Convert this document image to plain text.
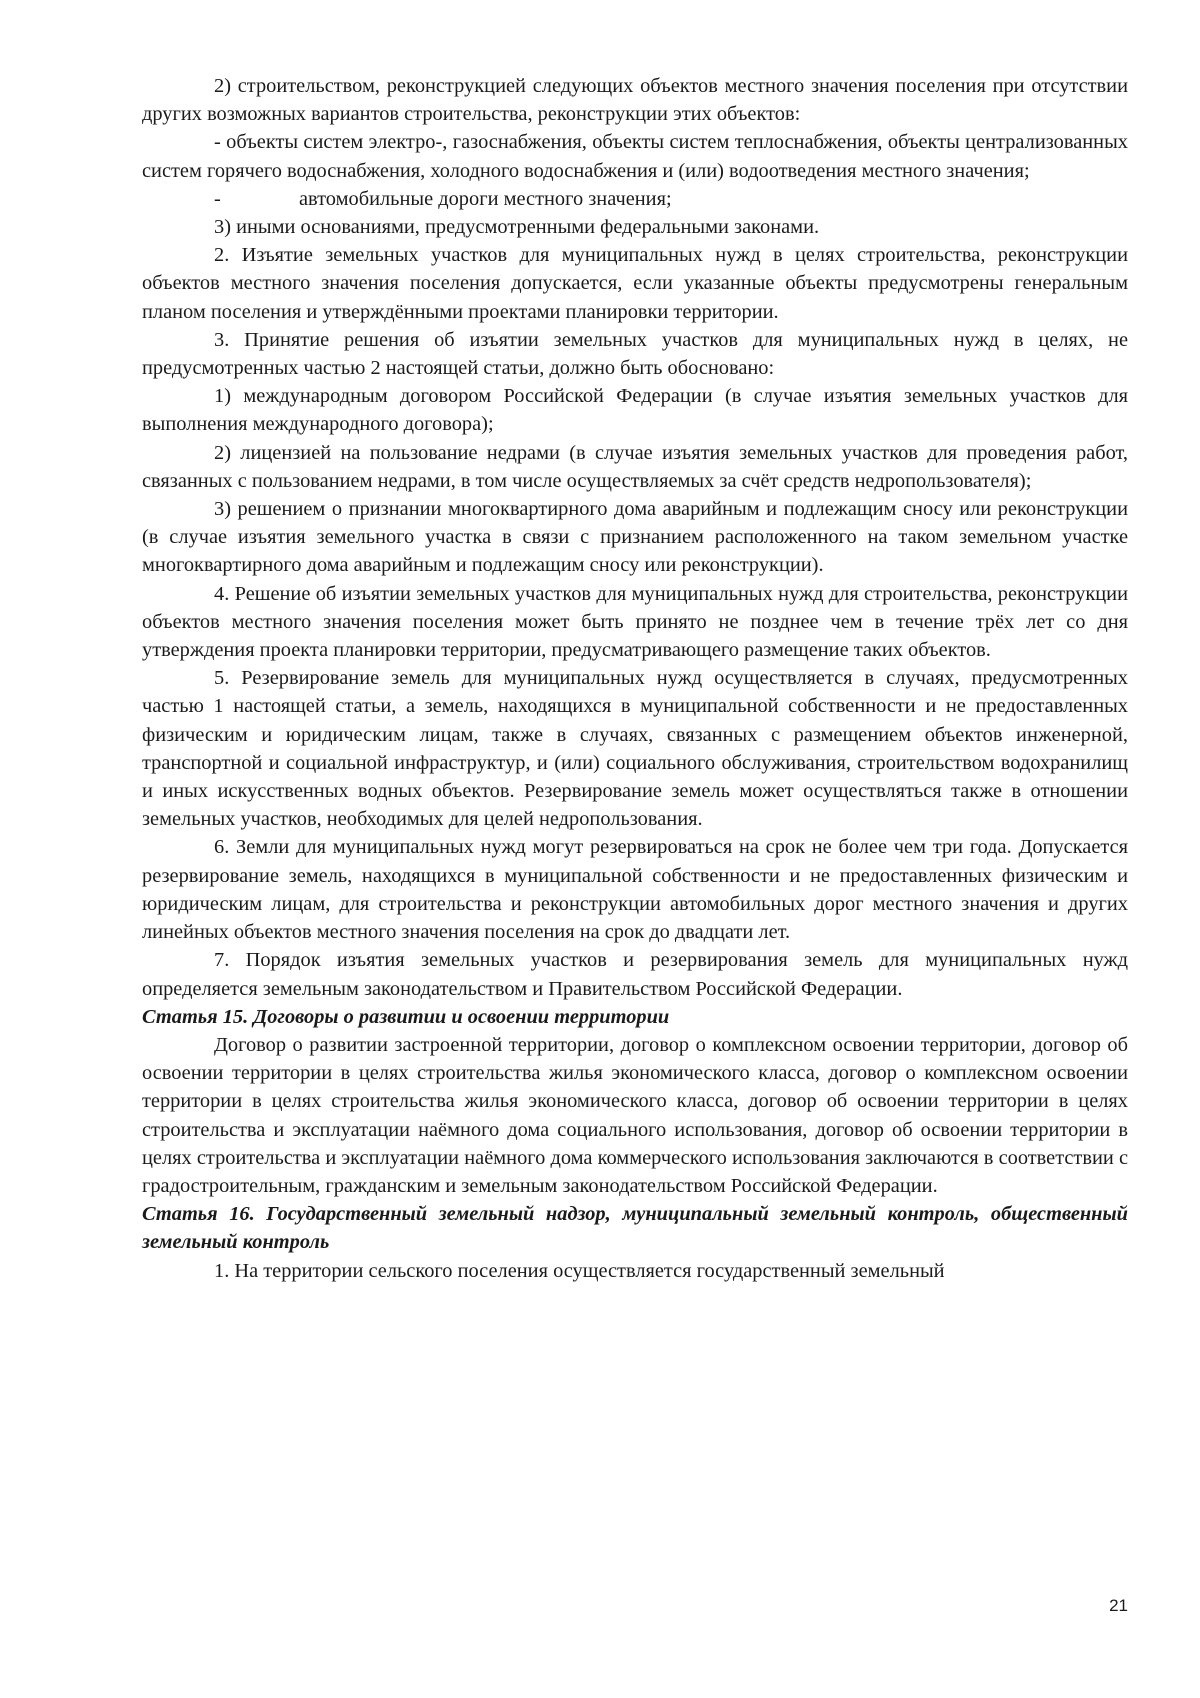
2) строительством, реконструкцией следующих объектов местного значения поселения при отсутствии других возможных вариантов строительства, реконструкции этих объектов:

- объекты систем электро-, газоснабжения, объекты систем теплоснабжения, объекты централизованных систем горячего водоснабжения, холодного водоснабжения и (или) водоотведения местного значения;

-	автомобильные дороги местного значения;

3) иными основаниями, предусмотренными федеральными законами.

2. Изъятие земельных участков для муниципальных нужд в целях строительства, реконструкции объектов местного значения поселения допускается, если указанные объекты предусмотрены генеральным планом поселения и утверждёнными проектами планировки территории.

3. Принятие решения об изъятии земельных участков для муниципальных нужд в целях, не предусмотренных частью 2 настоящей статьи, должно быть обосновано:

1) международным договором Российской Федерации (в случае изъятия земельных участков для выполнения международного договора);

2) лицензией на пользование недрами (в случае изъятия земельных участков для проведения работ, связанных с пользованием недрами, в том числе осуществляемых за счёт средств недропользователя);

3) решением о признании многоквартирного дома аварийным и подлежащим сносу или реконструкции (в случае изъятия земельного участка в связи с признанием расположенного на таком земельном участке многоквартирного дома аварийным и подлежащим сносу или реконструкции).

4. Решение об изъятии земельных участков для муниципальных нужд для строительства, реконструкции объектов местного значения поселения может быть принято не позднее чем в течение трёх лет со дня утверждения проекта планировки территории, предусматривающего размещение таких объектов.

5. Резервирование земель для муниципальных нужд осуществляется в случаях, предусмотренных частью 1 настоящей статьи, а земель, находящихся в муниципальной собственности и не предоставленных физическим и юридическим лицам, также в случаях, связанных с размещением объектов инженерной, транспортной и социальной инфраструктур, и (или) социального обслуживания, строительством водохранилищ и иных искусственных водных объектов. Резервирование земель может осуществляться также в отношении земельных участков, необходимых для целей недропользования.

6. Земли для муниципальных нужд могут резервироваться на срок не более чем три года. Допускается резервирование земель, находящихся в муниципальной собственности и не предоставленных физическим и юридическим лицам, для строительства и реконструкции автомобильных дорог местного значения и других линейных объектов местного значения поселения на срок до двадцати лет.

7. Порядок изъятия земельных участков и резервирования земель для муниципальных нужд определяется земельным законодательством и Правительством Российской Федерации.

Статья 15. Договоры о развитии и освоении территории

Договор о развитии застроенной территории, договор о комплексном освоении территории, договор об освоении территории в целях строительства жилья экономического класса, договор о комплексном освоении территории в целях строительства жилья экономического класса, договор об освоении территории в целях строительства и эксплуатации наёмного дома социального использования, договор об освоении территории в целях строительства и эксплуатации наёмного дома коммерческого использования заключаются в соответствии с градостроительным, гражданским и земельным законодательством Российской Федерации.

Статья 16. Государственный земельный надзор, муниципальный земельный контроль, общественный земельный контроль

1. На территории сельского поселения осуществляется государственный земельный

21
